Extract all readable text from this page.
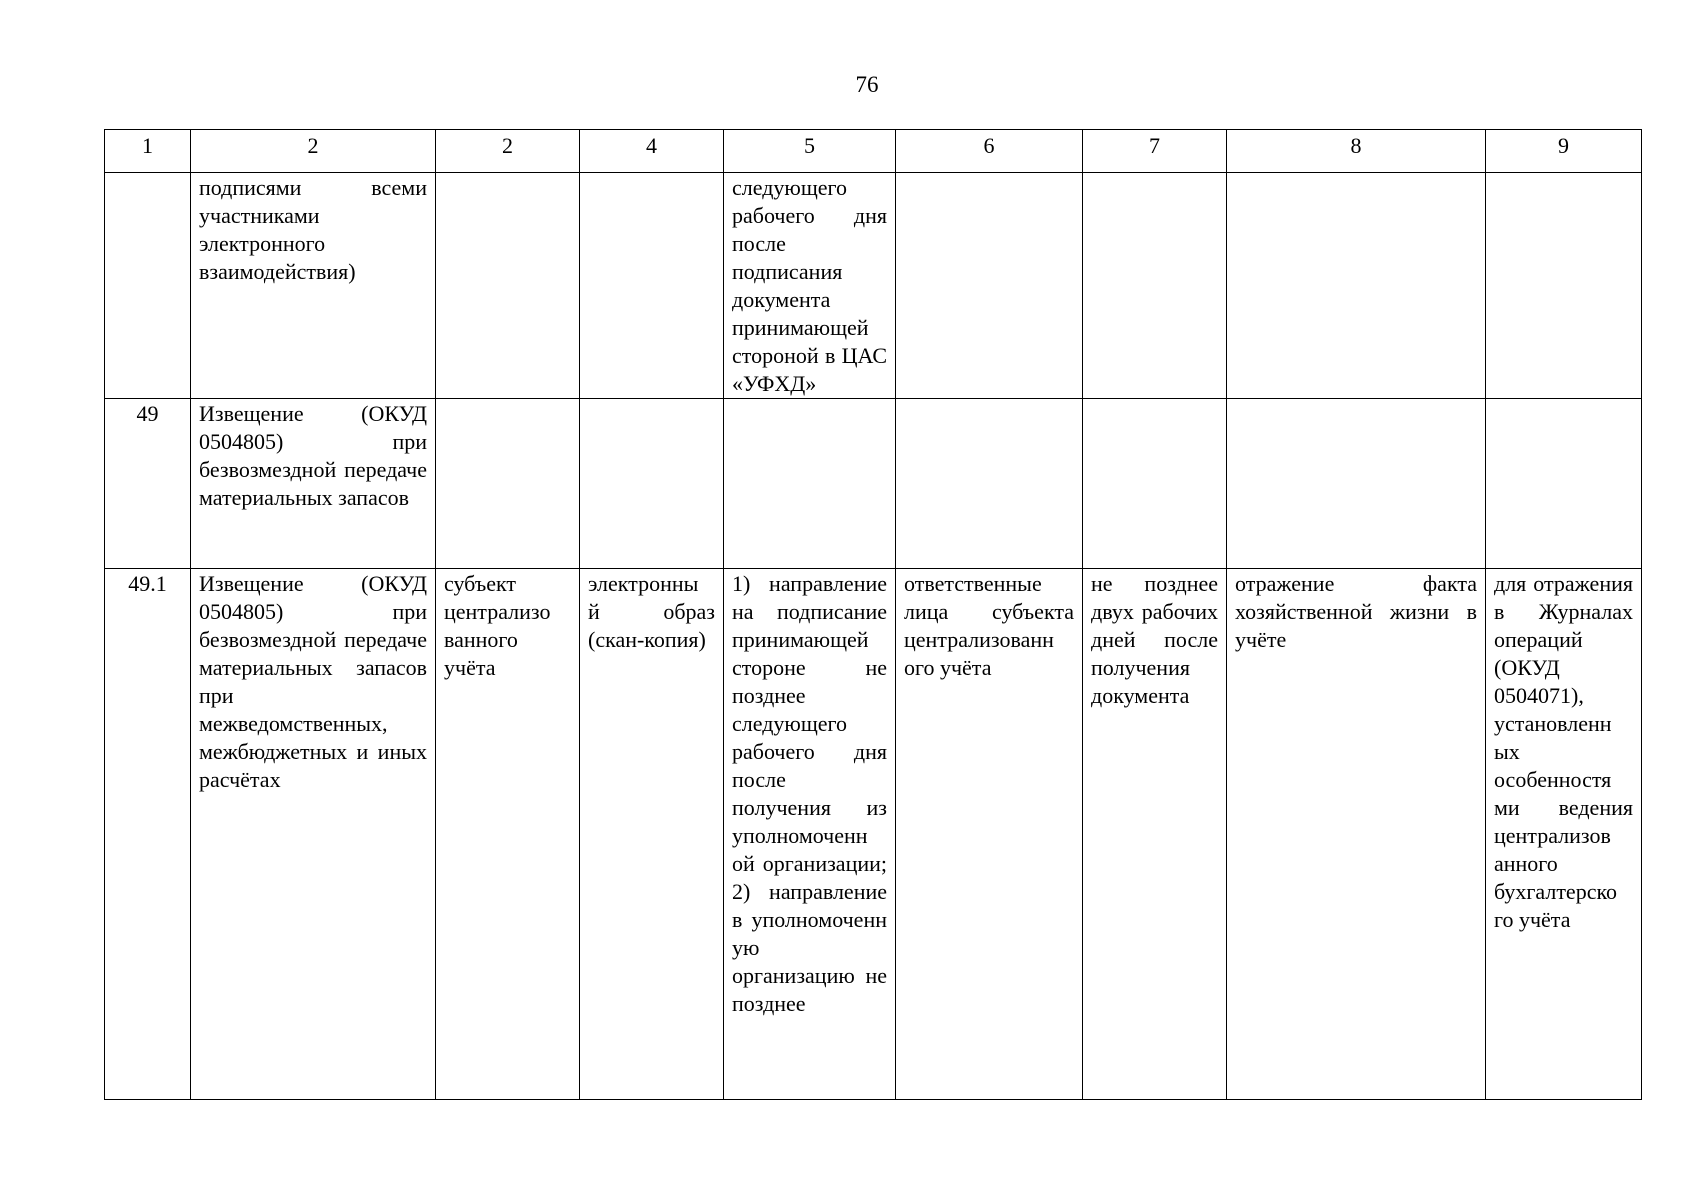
76
1	2	2	4	5	6	7	8	9
	подписями всеми участниками электронного взаимодействия)			следующего рабочего дня после подписания документа принимающей стороной в ЦАС «УФХД»				
49	Извещение (ОКУД 0504805) при безвозмездной передаче материальных запасов							
49.1	Извещение (ОКУД 0504805) при безвозмездной передаче материальных запасов при межведомственных, межбюджетных и иных расчётах	субъект централизо ванного учёта	электронны й образ (скан-копия)	1) направление на подписание принимающей стороне не позднее следующего рабочего дня после получения из уполномоченн ой организации; 2) направление в уполномоченн ую организацию не позднее	ответственные лица субъекта централизованн ого учёта	не позднее двух рабочих дней после получения документа	отражение факта хозяйственной жизни в учёте	для отражения в Журналах операций (ОКУД 0504071), установленн ых особенностя ми ведения централизов анного бухгалтерско го учёта
